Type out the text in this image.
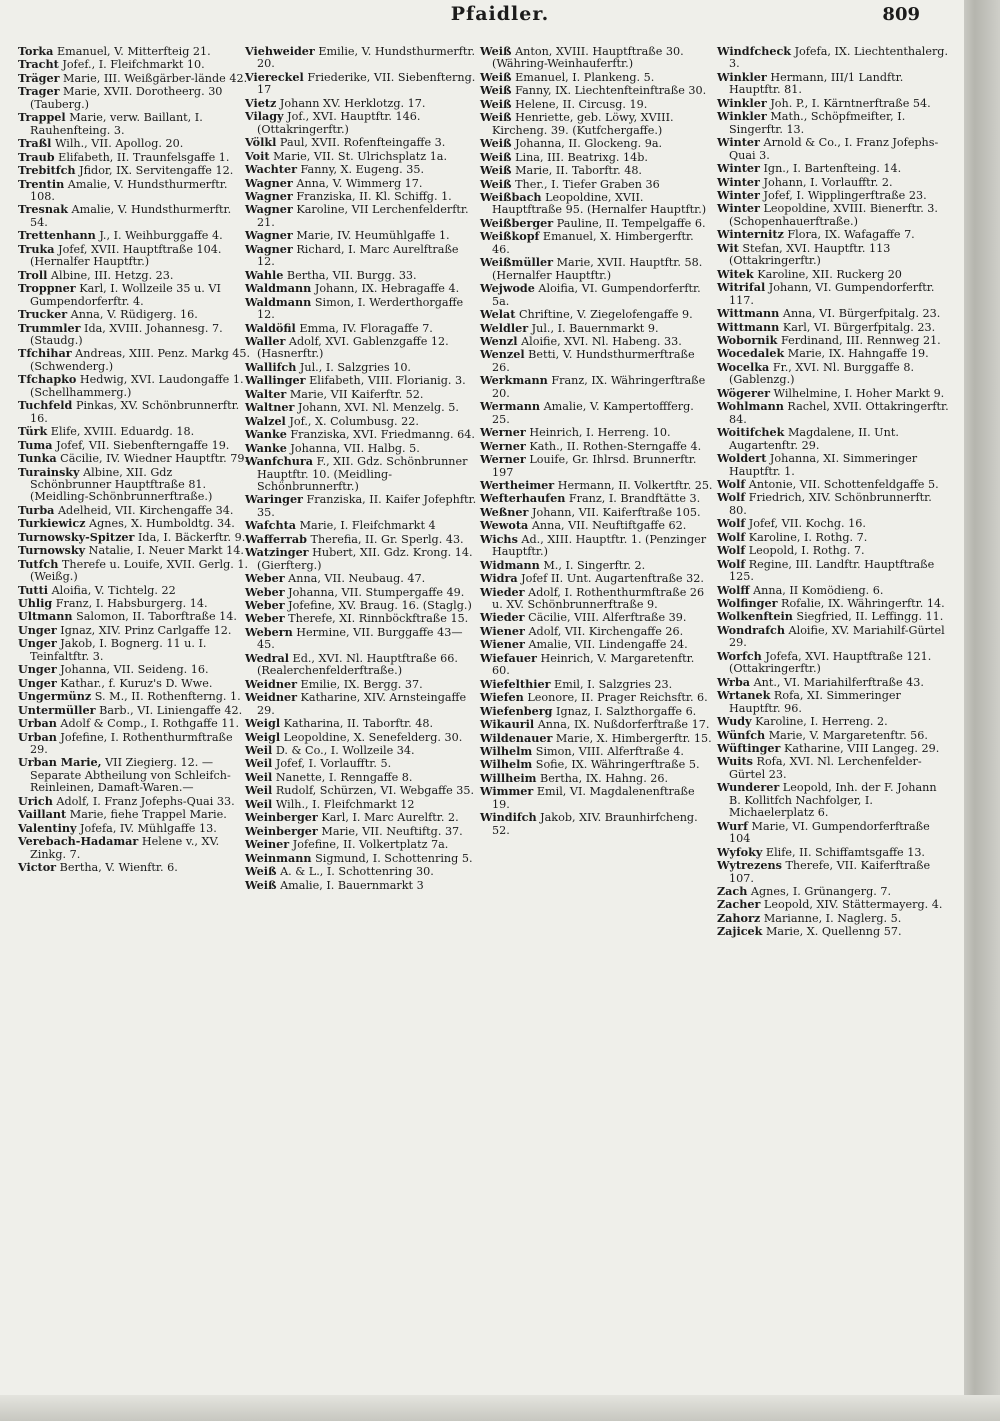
Pfaidler.	809

Torka Emanuel, V. Mitterfteig 21.

Tracht Jofef., I. Fleifchmarkt 10.

Träger Marie, III. Weißgärber-lände 42.

Trager Marie, XVII. Dorotheerg. 30 (Tauberg.)

Trappel Marie, verw. Baillant, I. Rauhenfteing. 3.

Traßl Wilh., VII. Apollog. 20.

Traub Elifabeth, II. Traunfelsgaffe 1.

Trebitfch Jfidor, IX. Servitengaffe 12.

Trentin Amalie, V. Hundsthurmerftr. 108.

Tresnak Amalie, V. Hundsthurmerftr. 54.

Trettenhann J., I. Weihburggaffe 4.

Truka Jofef, XVII. Hauptftraße 104. (Hernalfer Hauptftr.)

Troll Albine, III. Hetzg. 23.

Troppner Karl, I. Wollzeile 35 u. VI Gumpendorferftr. 4.

Trucker Anna, V. Rüdigerg. 16.

Trummler Ida, XVIII. Johannesg. 7. (Staudg.)

Tfchihar Andreas, XIII. Penz. Markg 45. (Schwenderg.)

Tfchapko Hedwig, XVI. Laudongaffe 1. (Schellhammerg.)

Tuchfeld Pinkas, XV. Schönbrunnerftr. 16.

Türk Elife, XVIII. Eduardg. 18.

Tuma Jofef, VII. Siebenfterngaffe 19.

Tunka Cäcilie, IV. Wiedner Hauptftr. 79.

Turainsky Albine, XII. Gdz Schönbrunner Hauptftraße 81. (Meidling-Schönbrunnerftraße.)

Turba Adelheid, VII. Kirchengaffe 34.

Turkiewicz Agnes, X. Humboldtg. 34.

Turnowsky-Spitzer Ida, I. Bäckerftr. 9.

Turnowsky Natalie, I. Neuer Markt 14.

Tutfch Therefe u. Louife, XVII. Gerlg. 1. (Weißg.)

Tutti Aloifia, V. Tichtelg. 22

Uhlig Franz, I. Habsburgerg. 14.

Ultmann Salomon, II. Taborftraße 14.

Unger Ignaz, XIV. Prinz Carlgaffe 12.

Unger Jakob, I. Bognerg. 11 u. I. Teinfaltftr. 3.

Unger Johanna, VII. Seideng. 16.

Unger Kathar., f. Kuruz's D. Wwe.

Ungermünz S. M., II. Rothenfterng. 1.

Untermüller Barb., VI. Liniengaffe 42.

Urban Adolf & Comp., I. Rothgaffe 11.

Urban Jofefine, I. Rothenthurmftraße 29.

Urban Marie, VII Ziegierg. 12. —Separate Abtheilung von Schleifch-Reinleinen, Damaft-Waren.—

Urich Adolf, I. Franz Jofephs-Quai 33.

Vaillant Marie, fiehe Trappel Marie.

Valentiny Jofefa, IV. Mühlgaffe 13.

Verebach-Hadamar Helene v., XV. Zinkg. 7.

Victor Bertha, V. Wienftr. 6.

Viehweider Emilie, V. Hundsthurmerftr. 20.

Viereckel Friederike, VII. Siebenfterng. 17

Vietz Johann XV. Herklotzg. 17.

Vilagy Jof., XVI. Hauptftr. 146. (Ottakringerftr.)

Völkl Paul, XVII. Rofenfteingaffe 3.

Voit Marie, VII. St. Ulrichsplatz 1a.

Wachter Fanny, X. Eugeng. 35.

Wagner Anna, V. Wimmerg 17.

Wagner Franziska, II. Kl. Schiffg. 1.

Wagner Karoline, VII Lerchenfelderftr. 21.

Wagner Marie, IV. Heumühlgaffe 1.

Wagner Richard, I. Marc Aurelftraße 12.

Wahle Bertha, VII. Burgg. 33.

Waldmann Johann, IX. Hebragaffe 4.

Waldmann Simon, I. Werderthorgaffe 12.

Waldöfil Emma, IV. Floragaffe 7.

Waller Adolf, XVI. Gablenzgaffe 12. (Hasnerftr.)

Wallifch Jul., I. Salzgries 10.

Wallinger Elifabeth, VIII. Florianig. 3.

Walter Marie, VII Kaiferftr. 52.

Waltner Johann, XVI. Nl. Menzelg. 5.

Walzel Jof., X. Columbusg. 22.

Wanke Franziska, XVI. Friedmanng. 64.

Wanke Johanna, VII. Halbg. 5.

Wanfchura F., XII. Gdz. Schönbrunner Hauptftr. 10. (Meidling-Schönbrunnerftr.)

Waringer Franziska, II. Kaifer Jofephftr. 35.

Wafchta Marie, I. Fleifchmarkt 4

Wafferrab Therefia, II. Gr. Sperlg. 43.

Watzinger Hubert, XII. Gdz. Krong. 14. (Gierfterg.)

Weber Anna, VII. Neubaug. 47.

Weber Johanna, VII. Stumpergaffe 49.

Weber Jofefine, XV. Braug. 16. (Staglg.)

Weber Therefe, XI. Rinnböckftraße 15.

Webern Hermine, VII. Burggaffe 43—45.

Wedral Ed., XVI. Nl. Hauptftraße 66. (Realerchenfelderftraße.)

Weidner Emilie, IX. Bergg. 37.

Weidner Katharine, XIV. Arnsteingaffe 29.

Weigl Katharina, II. Taborftr. 48.

Weigl Leopoldine, X. Senefelderg. 30.

Weil D. & Co., I. Wollzeile 34.

Weil Jofef, I. Vorlaufftr. 5.

Weil Nanette, I. Renngaffe 8.

Weil Rudolf, Schürzen, VI. Webgaffe 35.

Weil Wilh., I. Fleifchmarkt 12

Weinberger Karl, I. Marc Aurelftr. 2.

Weinberger Marie, VII. Neuftiftg. 37.

Weiner Jofefine, II. Volkertplatz 7a.

Weinmann Sigmund, I. Schottenring 5.

Weiß A. & L., I. Schottenring 30.

Weiß Amalie, I. Bauernmarkt 3

Weiß Anton, XVIII. Hauptftraße 30. (Währing-Weinhauferftr.)

Weiß Emanuel, I. Plankeng. 5.

Weiß Fanny, IX. Liechtenfteinftraße 30.

Weiß Helene, II. Circusg. 19.

Weiß Henriette, geb. Löwy, XVIII. Kircheng. 39. (Kutfchergaffe.)

Weiß Johanna, II. Glockeng. 9a.

Weiß Lina, III. Beatrixg. 14b.

Weiß Marie, II. Taborftr. 48.

Weiß Ther., I. Tiefer Graben 36

Weißbach Leopoldine, XVII. Hauptftraße 95. (Hernalfer Hauptftr.)

Weißberger Pauline, II. Tempelgaffe 6.

Weißkopf Emanuel, X. Himbergerftr. 46.

Weißmüller Marie, XVII. Hauptftr. 58. (Hernalfer Hauptftr.)

Wejwode Aloifia, VI. Gumpendorferftr. 5a.

Welat Chriftine, V. Ziegelofengaffe 9.

Weldler Jul., I. Bauernmarkt 9.

Wenzl Aloifie, XVI. Nl. Habeng. 33.

Wenzel Betti, V. Hundsthurmerftraße 26.

Werkmann Franz, IX. Währingerftraße 20.

Wermann Amalie, V. Kampertoffferg. 25.

Werner Heinrich, I. Herreng. 10.

Werner Kath., II. Rothen-Sterngaffe 4.

Werner Louife, Gr. Ihlrsd. Brunnerftr. 197

Wertheimer Hermann, II. Volkertftr. 25.

Wefterhaufen Franz, I. Brandftätte 3.

Weßner Johann, VII. Kaiferftraße 105.

Wewota Anna, VII. Neuftiftgaffe 62.

Wichs Ad., XIII. Hauptftr. 1. (Penzinger Hauptftr.)

Widmann M., I. Singerftr. 2.

Widra Jofef II. Unt. Augartenftraße 32.

Wieder Adolf, I. Rothenthurmftraße 26 u. XV. Schönbrunnerftraße 9.

Wieder Cäcilie, VIII. Alferftraße 39.

Wiener Adolf, VII. Kirchengaffe 26.

Wiener Amalie, VII. Lindengaffe 24.

Wiefauer Heinrich, V. Margaretenftr. 60.

Wiefelthier Emil, I. Salzgries 23.

Wiefen Leonore, II. Prager Reichsftr. 6.

Wiefenberg Ignaz, I. Salzthorgaffe 6.

Wikauril Anna, IX. Nußdorferftraße 17.

Wildenauer Marie, X. Himbergerftr. 15.

Wilhelm Simon, VIII. Alferftraße 4.

Wilhelm Sofie, IX. Währingerftraße 5.

Willheim Bertha, IX. Hahng. 26.

Wimmer Emil, VI. Magdalenenftraße 19.

Windifch Jakob, XIV. Braunhirfcheng. 52.

Windfcheck Jofefa, IX. Liechtenthalerg. 3.

Winkler Hermann, III/1 Landftr. Hauptftr. 81.

Winkler Joh. P., I. Kärntnerftraße 54.

Winkler Math., Schöpfmeifter, I. Singerftr. 13.

Winter Arnold & Co., I. Franz Jofephs-Quai 3.

Winter Ign., I. Bartenfteing. 14.

Winter Johann, I. Vorlaufftr. 2.

Winter Jofef, I. Wipplingerftraße 23.

Winter Leopoldine, XVIII. Bienerftr. 3. (Schopenhauerftraße.)

Winternitz Flora, IX. Wafagaffe 7.

Wit Stefan, XVI. Hauptftr. 113 (Ottakringerftr.)

Witek Karoline, XII. Ruckerg 20

Witrifal Johann, VI. Gumpendorferftr. 117.

Wittmann Anna, VI. Bürgerfpitalg. 23.

Wittmann Karl, VI. Bürgerfpitalg. 23.

Wobornik Ferdinand, III. Rennweg 21.

Wocedalek Marie, IX. Hahngaffe 19.

Wocelka Fr., XVI. Nl. Burggaffe 8. (Gablenzg.)

Wögerer Wilhelmine, I. Hoher Markt 9.

Wohlmann Rachel, XVII. Ottakringerftr. 84.

Woitifchek Magdalene, II. Unt. Augartenftr. 29.

Woldert Johanna, XI. Simmeringer Hauptftr. 1.

Wolf Antonie, VII. Schottenfeldgaffe 5.

Wolf Friedrich, XIV. Schönbrunnerftr. 80.

Wolf Jofef, VII. Kochg. 16.

Wolf Karoline, I. Rothg. 7.

Wolf Leopold, I. Rothg. 7.

Wolf Regine, III. Landftr. Hauptftraße 125.

Wolff Anna, II Komödieng. 6.

Wolfinger Rofalie, IX. Währingerftr. 14.

Wolkenftein Siegfried, II. Leffingg. 11.

Wondrafch Aloifie, XV. Mariahilf-Gürtel 29.

Worfch Jofefa, XVI. Hauptftraße 121. (Ottakringerftr.)

Wrba Ant., VI. Mariahilferftraße 43.

Wrtanek Rofa, XI. Simmeringer Hauptftr. 96.

Wudy Karoline, I. Herreng. 2.

Wünfch Marie, V. Margaretenftr. 56.

Wüftinger Katharine, VIII Langeg. 29.

Wuits Rofa, XVI. Nl. Lerchenfelder-Gürtel 23.

Wunderer Leopold, Inh. der F. Johann B. Kollitfch Nachfolger, I. Michaelerplatz 6.

Wurf Marie, VI. Gumpendorferftraße 104

Wyfoky Elife, II. Schiffamtsgaffe 13.

Wytrezens Therefe, VII. Kaiferftraße 107.

Zach Agnes, I. Grünangerg. 7.

Zacher Leopold, XIV. Stättermayerg. 4.

Zahorz Marianne, I. Naglerg. 5.

Zajicek Marie, X. Quellenng 57.
